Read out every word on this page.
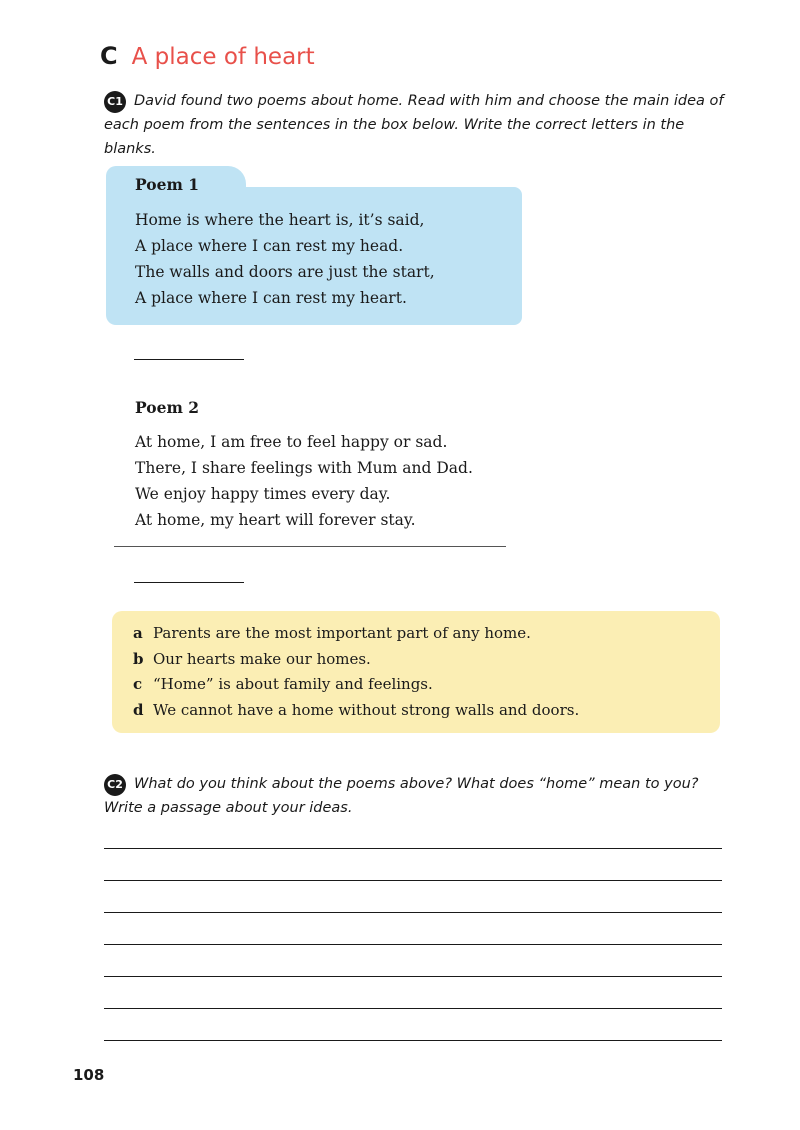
C A place of heart
C1 David found two poems about home. Read with him and choose the main idea of each poem from the sentences in the box below. Write the correct letters in the blanks.
Poem 1
Home is where the heart is, it’s said,
A place where I can rest my head.
The walls and doors are just the start,
A place where I can rest my heart.
Poem 2
At home, I am free to feel happy or sad.
There, I share feelings with Mum and Dad.
We enjoy happy times every day.
At home, my heart will forever stay.
a Parents are the most important part of any home.
b Our hearts make our homes.
c “Home” is about family and feelings.
d We cannot have a home without strong walls and doors.
C2 What do you think about the poems above? What does “home” mean to you? Write a passage about your ideas.
108
